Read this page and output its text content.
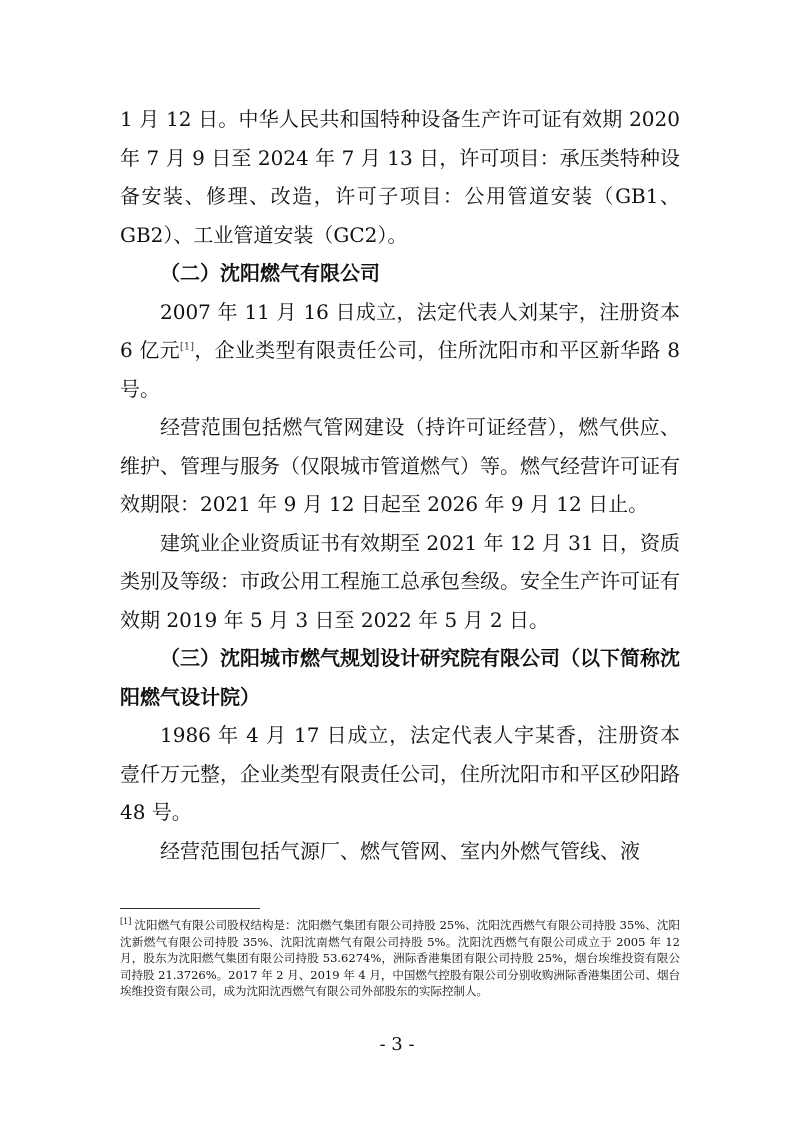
1 月 12 日。中华人民共和国特种设备生产许可证有效期 2020 年 7 月 9 日至 2024 年 7 月 13 日，许可项目：承压类特种设备安装、修理、改造，许可子项目：公用管道安装（GB1、GB2）、工业管道安装（GC2）。

（二）沈阳燃气有限公司

2007 年 11 月 16 日成立，法定代表人刘某宇，注册资本 6 亿元[1]，企业类型有限责任公司，住所沈阳市和平区新华路 8 号。

经营范围包括燃气管网建设（持许可证经营），燃气供应、维护、管理与服务（仅限城市管道燃气）等。燃气经营许可证有效期限：2021 年 9 月 12 日起至 2026 年 9 月 12 日止。

建筑业企业资质证书有效期至 2021 年 12 月 31 日，资质类别及等级：市政公用工程施工总承包叁级。安全生产许可证有效期 2019 年 5 月 3 日至 2022 年 5 月 2 日。

（三）沈阳城市燃气规划设计研究院有限公司（以下简称沈阳燃气设计院）

1986 年 4 月 17 日成立，法定代表人宇某香，注册资本壹仟万元整，企业类型有限责任公司，住所沈阳市和平区砂阳路 48 号。

经营范围包括气源厂、燃气管网、室内外燃气管线、液

[1] 沈阳燃气有限公司股权结构是：沈阳燃气集团有限公司持股 25%、沈阳沈西燃气有限公司持股 35%、沈阳沈新燃气有限公司持股 35%、沈阳沈南燃气有限公司持股 5%。沈阳沈西燃气有限公司成立于 2005 年 12 月，股东为沈阳燃气集团有限公司持股 53.6274%，洲际香港集团有限公司持股 25%，烟台埃维投资有限公司持股 21.3726%。2017 年 2 月、2019 年 4 月，中国燃气控股有限公司分别收购洲际香港集团公司、烟台埃维投资有限公司，成为沈阳沈西燃气有限公司外部股东的实际控制人。
- 3 -
